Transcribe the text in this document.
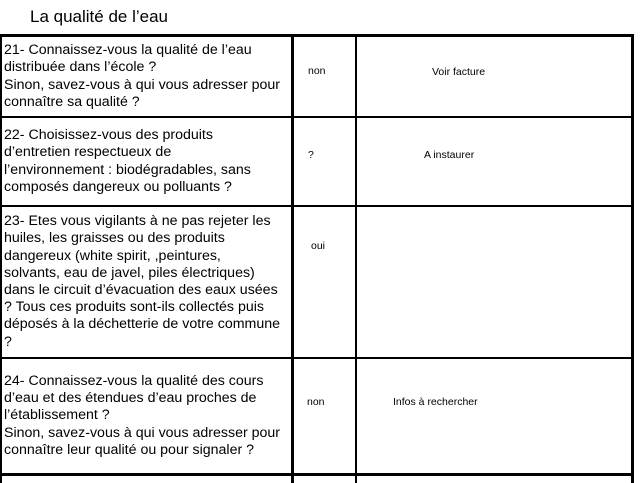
La qualité de l’eau
21- Connaissez-vous la qualité de l’eau
distribuée dans l’école ?
Sinon, savez-vous à qui vous adresser pour
connaître sa qualité ?
non	Voir facture
22- Choisissez-vous des produits
d’entretien respectueux de
l’environnement : biodégradables, sans
composés dangereux ou polluants ?
?	A instaurer
23- Etes vous vigilants à ne pas rejeter les
huiles, les graisses ou des produits
dangereux (white spirit, ,peintures,
solvants, eau de javel, piles électriques)
dans le circuit d’évacuation des eaux usées
? Tous ces produits sont-ils collectés puis
déposés à la déchetterie de votre commune
?
oui
24- Connaissez-vous la qualité des cours
d’eau et des étendues d’eau proches de
l’établissement ?
Sinon, savez-vous à qui vous adresser pour
connaître leur qualité ou pour signaler ?
non	Infos à rechercher
